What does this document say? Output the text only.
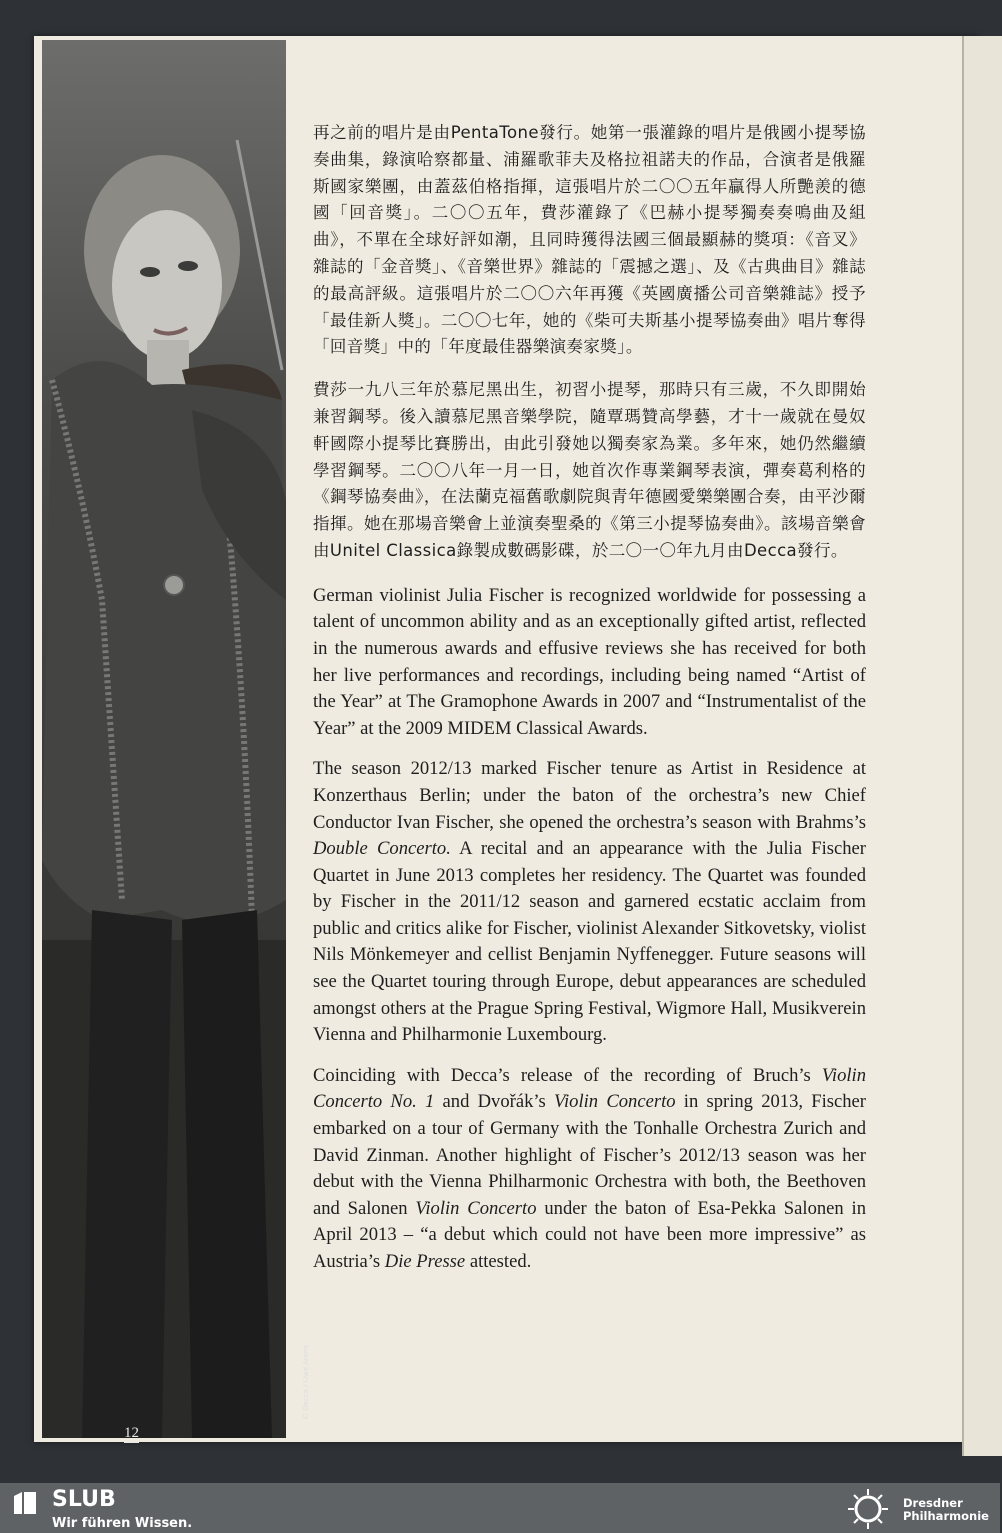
© Decca / Uwe Arens
12

再之前的唱片是由PentaTone發行。她第一張灌錄的唱片是俄國小提琴協奏曲集，錄演哈察都量、浦羅歌菲夫及格拉祖諾夫的作品，合演者是俄羅斯國家樂團，由蓋茲伯格指揮，這張唱片於二〇〇五年贏得人所艷羨的德國「回音獎」。二〇〇五年，費莎灌錄了《巴赫小提琴獨奏奏鳴曲及組曲》，不單在全球好評如潮，且同時獲得法國三個最顯赫的獎項：《音叉》雜誌的「金音獎」、《音樂世界》雜誌的「震撼之選」、及《古典曲目》雜誌的最高評級。這張唱片於二〇〇六年再獲《英國廣播公司音樂雜誌》授予「最佳新人獎」。二〇〇七年，她的《柴可夫斯基小提琴協奏曲》唱片奪得「回音獎」中的「年度最佳器樂演奏家獎」。

費莎一九八三年於慕尼黑出生，初習小提琴，那時只有三歲，不久即開始兼習鋼琴。後入讀慕尼黑音樂學院，隨覃瑪贊高學藝，才十一歲就在曼奴軒國際小提琴比賽勝出，由此引發她以獨奏家為業。多年來，她仍然繼續學習鋼琴。二〇〇八年一月一日，她首次作專業鋼琴表演，彈奏葛利格的《鋼琴協奏曲》，在法蘭克福舊歌劇院與青年德國愛樂樂團合奏，由平沙爾指揮。她在那場音樂會上並演奏聖桑的《第三小提琴協奏曲》。該場音樂會由Unitel Classica錄製成數碼影碟，於二〇一〇年九月由Decca發行。

German violinist Julia Fischer is recognized worldwide for possessing a talent of uncommon ability and as an exceptionally gifted artist, reflected in the numerous awards and effusive reviews she has received for both her live performances and recordings, including being named “Artist of the Year” at The Gramophone Awards in 2007 and “Instrumentalist of the Year” at the 2009 MIDEM Classical Awards.

The season 2012/13 marked Fischer tenure as Artist in Residence at Konzerthaus Berlin; under the baton of the orchestra’s new Chief Conductor Ivan Fischer, she opened the orchestra’s season with Brahms’s Double Concerto. A recital and an appearance with the Julia Fischer Quartet in June 2013 completes her residency. The Quartet was founded by Fischer in the 2011/12 season and garnered ecstatic acclaim from public and critics alike for Fischer, violinist Alexander Sitkovetsky, violist Nils Mönkemeyer and cellist Benjamin Nyffenegger. Future seasons will see the Quartet touring through Europe, debut appearances are scheduled amongst others at the Prague Spring Festival, Wigmore Hall, Musikverein Vienna and Philharmonie Luxembourg.

Coinciding with Decca’s release of the recording of Bruch’s Violin Concerto No. 1 and Dvořák’s Violin Concerto in spring 2013, Fischer embarked on a tour of Germany with the Tonhalle Orchestra Zurich and David Zinman. Another highlight of Fischer’s 2012/13 season was her debut with the Vienna Philharmonic Orchestra with both, the Beethoven and Salonen Violin Concerto under the baton of Esa-Pekka Salonen in April 2013 – “a debut which could not have been more impressive” as Austria’s Die Presse attested.

SLUB
Wir führen Wissen.
Dresdner
Philharmonie
